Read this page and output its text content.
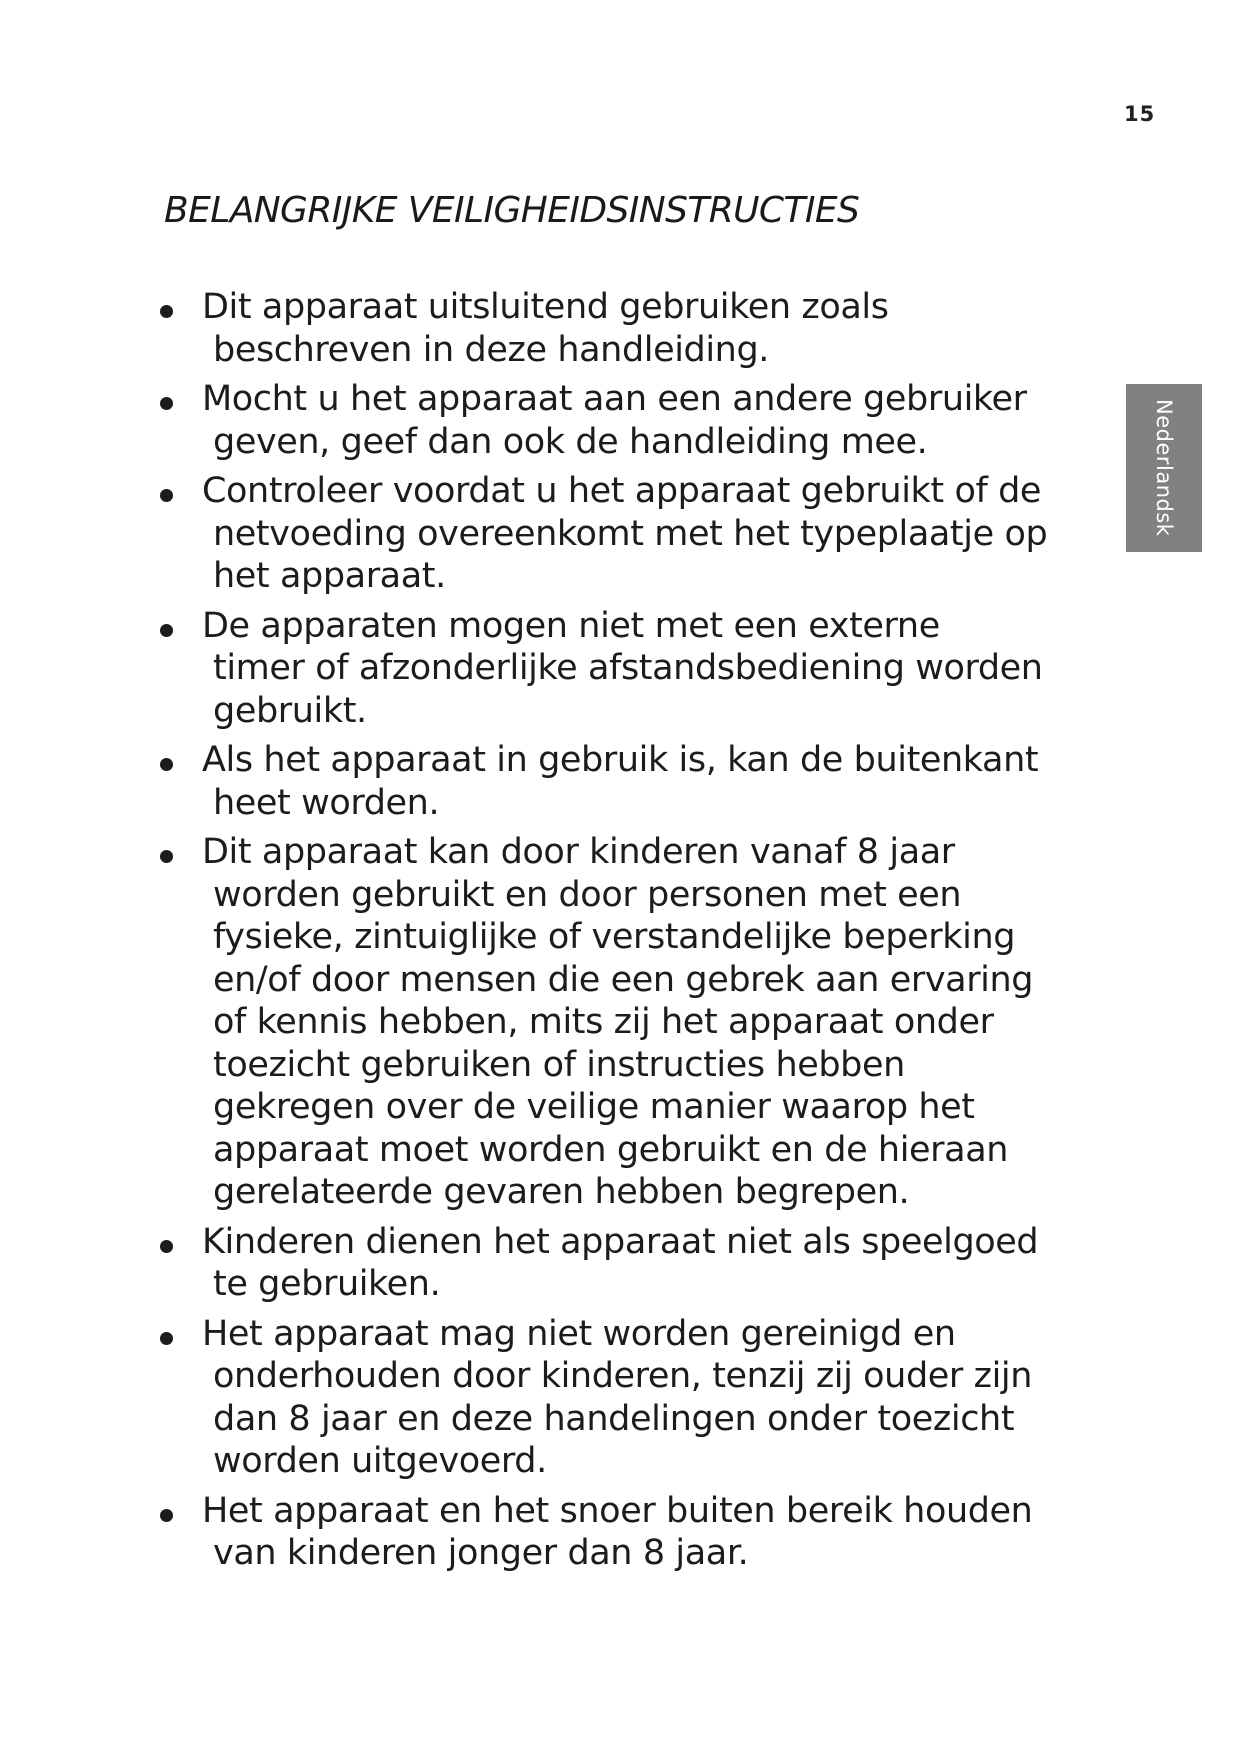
15
BELANGRIJKE VEILIGHEIDSINSTRUCTIES
Nederlandsk
Dit apparaat uitsluitend gebruiken zoals
beschreven in deze handleiding.
Mocht u het apparaat aan een andere gebruiker
geven, geef dan ook de handleiding mee.
Controleer voordat u het apparaat gebruikt of de
netvoeding overeenkomt met het typeplaatje op
het apparaat.
De apparaten mogen niet met een externe
timer of afzonderlijke afstandsbediening worden
gebruikt.
Als het apparaat in gebruik is, kan de buitenkant
heet worden.
Dit apparaat kan door kinderen vanaf 8 jaar
worden gebruikt en door personen met een
fysieke, zintuiglijke of verstandelijke beperking
en/of door mensen die een gebrek aan ervaring
of kennis hebben, mits zij het apparaat onder
toezicht gebruiken of instructies hebben
gekregen over de veilige manier waarop het
apparaat moet worden gebruikt en de hieraan
gerelateerde gevaren hebben begrepen.
Kinderen dienen het apparaat niet als speelgoed
te gebruiken.
Het apparaat mag niet worden gereinigd en
onderhouden door kinderen, tenzij zij ouder zijn
dan 8 jaar en deze handelingen onder toezicht
worden uitgevoerd.
Het apparaat en het snoer buiten bereik houden
van kinderen jonger dan 8 jaar.
